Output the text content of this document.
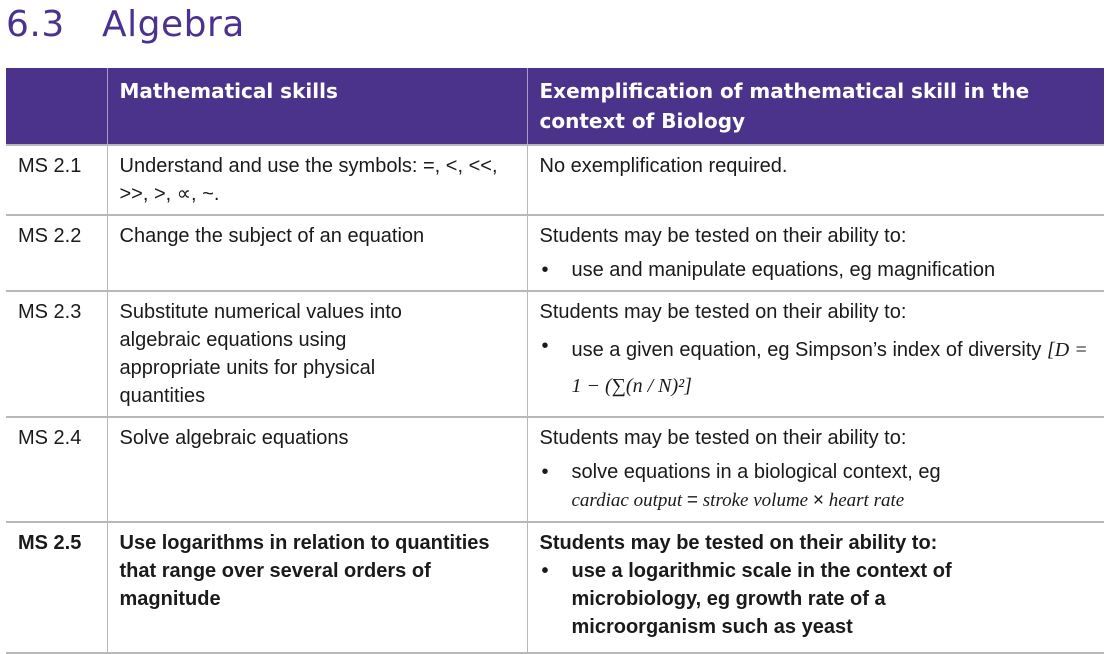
6.3 Algebra
	Mathematical skills	Exemplification of mathematical skill in the context of Biology
MS 2.1	Understand and use the symbols: =, <, <<, >>, >, ∝, ~.	No exemplification required.
MS 2.2	Change the subject of an equation	Students may be tested on their ability to:
• use and manipulate equations, eg magnification

MS 2.3	Substitute numerical values into algebraic equations using appropriate units for physical quantities	Students may be tested on their ability to:
• use a given equation, eg Simpson’s index of diversity [D = 1 − (∑(n / N)²]

MS 2.4	Solve algebraic equations	Students may be tested on their ability to:
• solve equations in a biological context, eg
cardiac output = stroke volume × heart rate

MS 2.5	Use logarithms in relation to quantities that range over several orders of magnitude	Students may be tested on their ability to:
• use a logarithmic scale in the context of microbiology, eg growth rate of a microorganism such as yeast
